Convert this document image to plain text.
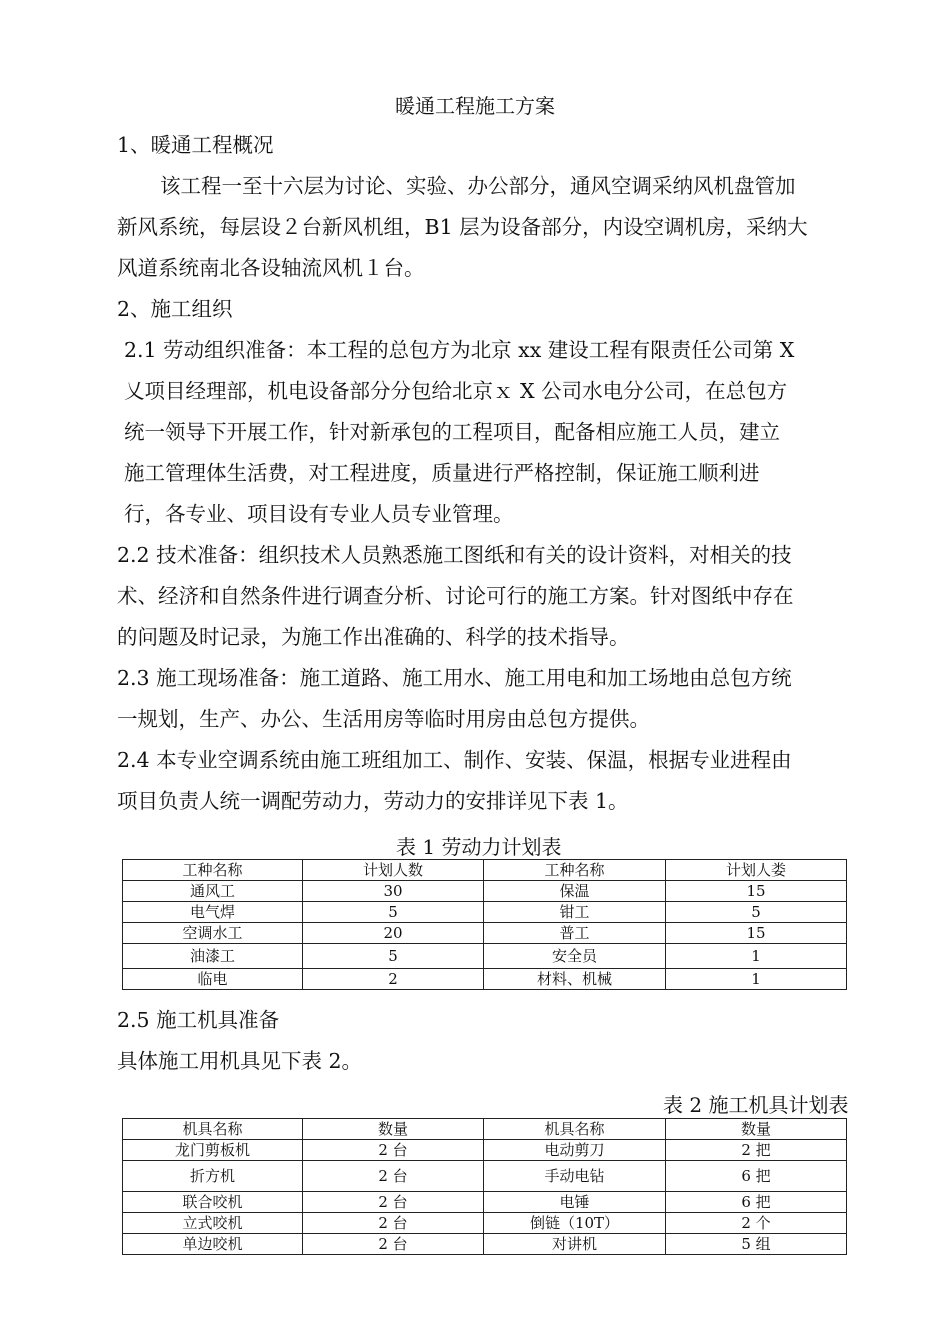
暖通工程施工方案
1、暖通工程概况
该工程一至十六层为讨论、实验、办公部分，通风空调采纳风机盘管加
新风系统，每层设２台新风机组，B1 层为设备部分，内设空调机房，采纳大
风道系统南北各设轴流风机１台。
2、施工组织
2.1 劳动组织准备：本工程的总包方为北京 xx 建设工程有限责任公司第 X
乂项目经理部，机电设备部分分包给北京ｘ X 公司水电分公司，在总包方
统一领导下开展工作，针对新承包的工程项目，配备相应施工人员，建立
施工管理体生活费，对工程进度，质量进行严格控制，保证施工顺利进
行，各专业、项目设有专业人员专业管理。
2.2 技术准备：组织技术人员熟悉施工图纸和有关的设计资料，对相关的技
术、经济和自然条件进行调查分析、讨论可行的施工方案。针对图纸中存在
的问题及时记录，为施工作出准确的、科学的技术指导。
2.3 施工现场准备：施工道路、施工用水、施工用电和加工场地由总包方统
一规划，生产、办公、生活用房等临时用房由总包方提供。
2.4 本专业空调系统由施工班组加工、制作、安装、保温，根据专业进程由
项目负责人统一调配劳动力，劳动力的安排详见下表 1。
表 1 劳动力计划表
工种名称	计划人数	工种名称	计划人娄
通风工	30	保温	15
电气焊	5	钳工	5
空调水工	20	普工	15
油漆工	5	安全员	1
临电	2	材料、机械	1
2.5 施工机具准备
具体施工用机具见下表 2。
表 2 施工机具计划表
机具名称	数量	机具名称	数量
龙门剪板机	2 台	电动剪刀	2 把
折方机	2 台	手动电钻	6 把
联合咬机	2 台	电锤	6 把
立式咬机	2 台	倒链（10T）	2 个
单边咬机	2 台	对讲机	5 组
